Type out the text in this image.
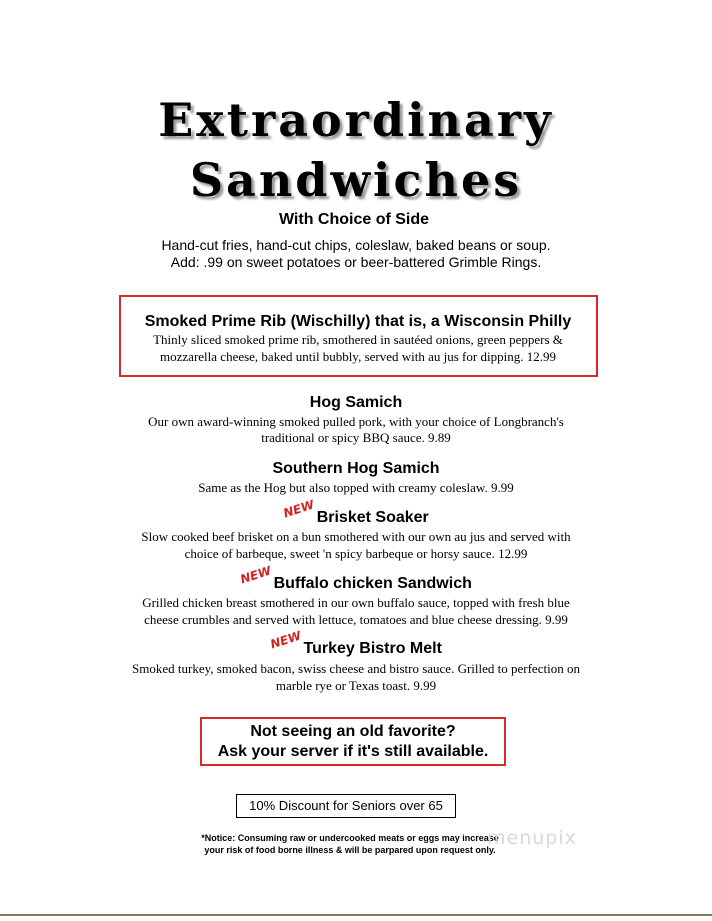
Extraordinary
Sandwiches
With Choice of Side
Hand-cut fries, hand-cut chips, coleslaw, baked beans or soup.
Add: .99 on sweet potatoes or beer-battered Grimble Rings.
Smoked Prime Rib (Wischilly) that is, a Wisconsin Philly
Thinly sliced smoked prime rib, smothered in sautéed onions, green peppers &
mozzarella cheese, baked until bubbly, served with au jus for dipping. 12.99
Hog Samich
Our own award-winning smoked pulled pork, with your choice of Longbranch's
traditional or spicy BBQ sauce. 9.89
Southern Hog Samich
Same as the Hog but also topped with creamy coleslaw. 9.99
NEWBrisket Soaker
Slow cooked beef brisket on a bun smothered with our own au jus and served with
choice of barbeque, sweet 'n spicy barbeque or horsy sauce. 12.99
NEWBuffalo chicken Sandwich
Grilled chicken breast smothered in our own buffalo sauce, topped with fresh blue
cheese crumbles and served with lettuce, tomatoes and blue cheese dressing. 9.99
NEWTurkey Bistro Melt
Smoked turkey, smoked bacon, swiss cheese and bistro sauce. Grilled to perfection on
marble rye or Texas toast. 9.99
Not seeing an old favorite?
Ask your server if it's still available.
10% Discount for Seniors over 65
*Notice: Consuming raw or undercooked meats or eggs may increase
your risk of food borne illness & will be parpared upon request only.
menupix
